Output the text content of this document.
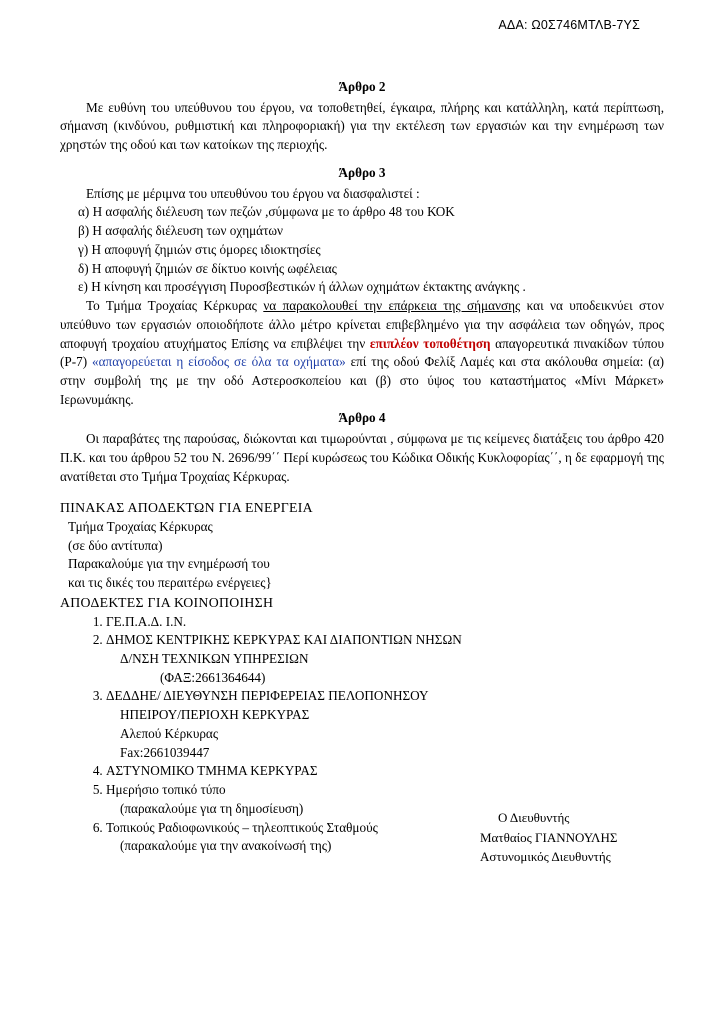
ΑΔΑ: Ω0Σ746ΜΤΛΒ-7ΥΣ
Άρθρο 2

Με ευθύνη του υπεύθυνου του έργου, να τοποθετηθεί, έγκαιρα, πλήρης και κατάλληλη, κατά περίπτωση, σήμανση (κινδύνου, ρυθμιστική και πληροφοριακή) για την εκτέλεση των εργασιών και την ενημέρωση των χρηστών της οδού και των κατοίκων της περιοχής.

Άρθρο 3

Επίσης με μέριμνα του υπευθύνου του έργου να διασφαλιστεί :

α) Η ασφαλής διέλευση των πεζών ,σύμφωνα με το άρθρο 48 του ΚΟΚ

β) Η ασφαλής διέλευση των οχημάτων

γ) Η αποφυγή ζημιών στις όμορες ιδιοκτησίες

δ) Η αποφυγή ζημιών σε δίκτυο κοινής ωφέλειας

ε) Η κίνηση και προσέγγιση Πυροσβεστικών ή άλλων οχημάτων έκτακτης ανάγκης .

Το Τμήμα Τροχαίας Κέρκυρας να παρακολουθεί την επάρκεια της σήμανσης και να υποδεικνύει στον υπεύθυνο των εργασιών οποιοδήποτε άλλο μέτρο κρίνεται επιβεβλημένο για την ασφάλεια των οδηγών, προς αποφυγή τροχαίου ατυχήματος Επίσης να επιβλέψει την επιπλέον τοποθέτηση απαγορευτικά πινακίδων τύπου (Ρ-7) «απαγορεύεται η είσοδος σε όλα τα οχήματα» επί της οδού Φελίξ Λαμές και στα ακόλουθα σημεία: (α) στην συμβολή της με την οδό Αστεροσκοπείου και (β) στο ύψος του καταστήματος «Μίνι Μάρκετ» Ιερωνυμάκης.

Άρθρο 4

Οι παραβάτες της παρούσας, διώκονται και τιμωρούνται , σύμφωνα με τις κείμενες διατάξεις του άρθρο 420 Π.Κ. και του άρθρου 52 του Ν. 2696/99΄΄ Περί κυρώσεως του Κώδικα Οδικής Κυκλοφορίας΄΄, η δε εφαρμογή της ανατίθεται στο Τμήμα Τροχαίας Κέρκυρας.

ΠΙΝΑΚΑΣ ΑΠΟΔΕΚΤΩΝ ΓΙΑ ΕΝΕΡΓΕΙΑ

Τμήμα Τροχαίας Κέρκυρας

(σε δύο αντίτυπα)

Παρακαλούμε για την ενημέρωσή του

και τις δικές του περαιτέρω ενέργειες}

ΑΠΟΔΕΚΤΕΣ ΓΙΑ ΚΟΙΝΟΠΟΙΗΣΗ

1. ΓΕ.Π.Α.Δ. Ι.Ν.
2. ΔΗΜΟΣ ΚΕΝΤΡΙΚΗΣ ΚΕΡΚΥΡΑΣ ΚΑΙ ΔΙΑΠΟΝΤΙΩΝ ΝΗΣΩΝ
Δ/ΝΣΗ ΤΕΧΝΙΚΩΝ ΥΠΗΡΕΣΙΩΝ
(ΦΑΞ:2661364644)
3. ΔΕΔΔΗΕ/ ΔΙΕΥΘΥΝΣΗ ΠΕΡΙΦΕΡΕΙΑΣ ΠΕΛΟΠΟΝΗΣΟΥ
ΗΠΕΙΡΟΥ/ΠΕΡΙΟΧΗ ΚΕΡΚΥΡΑΣ
Αλεπού Κέρκυρας
Fax:2661039447
4. ΑΣΤΥΝΟΜΙΚΟ ΤΜΗΜΑ ΚΕΡΚΥΡΑΣ
5. Ημερήσιο τοπικό τύπο
(παρακαλούμε για τη δημοσίευση)
6. Τοπικούς Ραδιοφωνικούς – τηλεοπτικούς Σταθμούς
(παρακαλούμε για την ανακοίνωσή της)

Ο Διευθυντής

Ματθαίος ΓΙΑΝΝΟΥΛΗΣ

Αστυνομικός Διευθυντής
